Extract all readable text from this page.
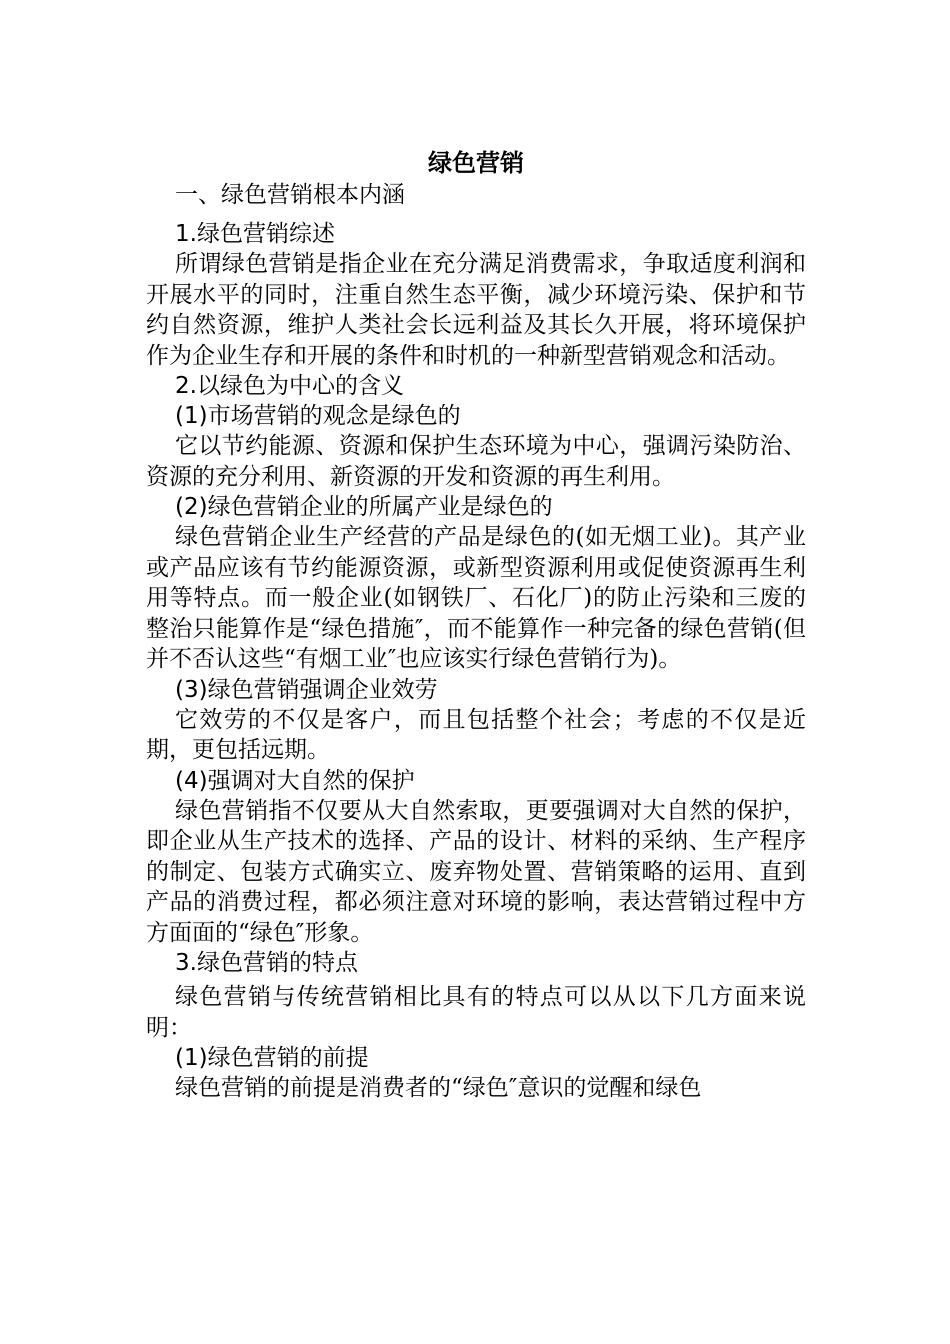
绿色营销

一、绿色营销根本内涵

1.绿色营销综述

所谓绿色营销是指企业在充分满足消费需求，争取适度利润和开展水平的同时，注重自然生态平衡，减少环境污染、保护和节约自然资源，维护人类社会长远利益及其长久开展，将环境保护作为企业生存和开展的条件和时机的一种新型营销观念和活动。

2.以绿色为中心的含义

(1)市场营销的观念是绿色的

它以节约能源、资源和保护生态环境为中心，强调污染防治、资源的充分利用、新资源的开发和资源的再生利用。

(2)绿色营销企业的所属产业是绿色的

绿色营销企业生产经营的产品是绿色的(如无烟工业)。其产业或产品应该有节约能源资源，或新型资源利用或促使资源再生利用等特点。而一般企业(如钢铁厂、石化厂)的防止污染和三废的整治只能算作是“绿色措施″，而不能算作一种完备的绿色营销(但并不否认这些“有烟工业″也应该实行绿色营销行为)。

(3)绿色营销强调企业效劳

它效劳的不仅是客户，而且包括整个社会；考虑的不仅是近期，更包括远期。

(4)强调对大自然的保护

绿色营销指不仅要从大自然索取，更要强调对大自然的保护，即企业从生产技术的选择、产品的设计、材料的采纳、生产程序的制定、包装方式确实立、废弃物处置、营销策略的运用、直到产品的消费过程，都必须注意对环境的影响，表达营销过程中方方面面的“绿色″形象。

3.绿色营销的特点

绿色营销与传统营销相比具有的特点可以从以下几方面来说明：

(1)绿色营销的前提

绿色营销的前提是消费者的“绿色″意识的觉醒和绿色
